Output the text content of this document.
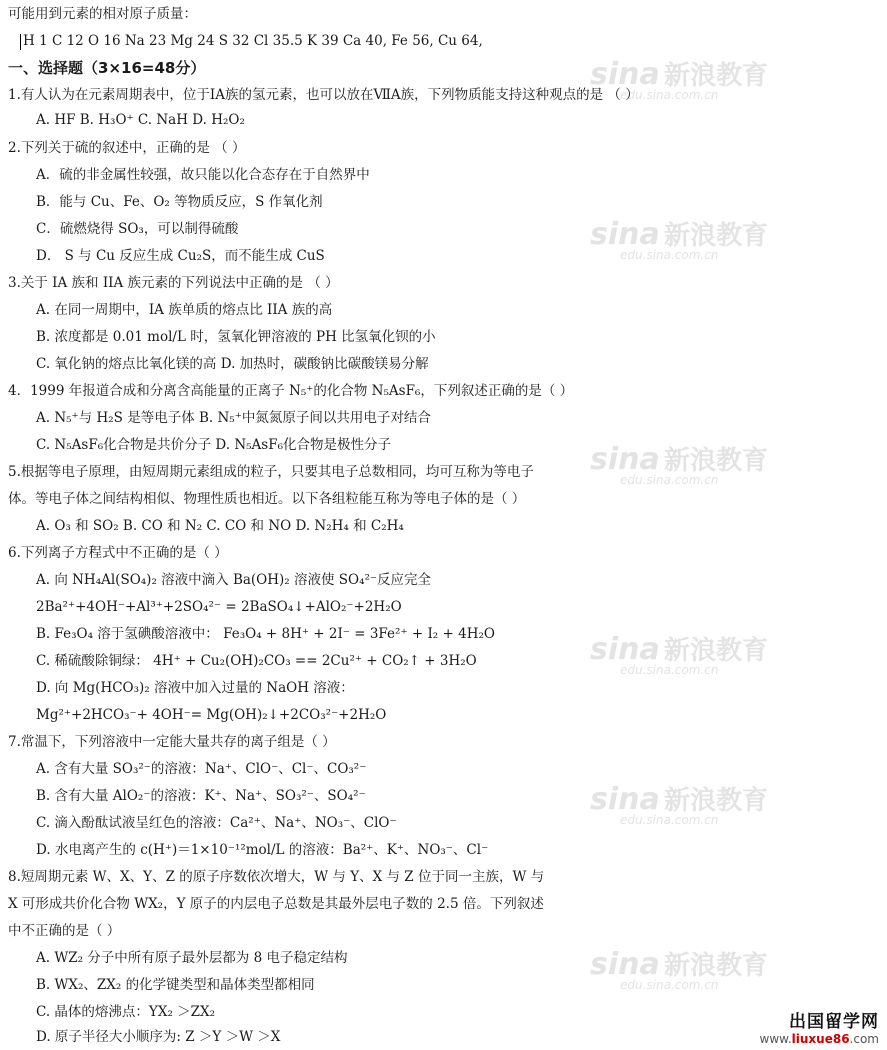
sina 新浪教育
edu.sina.com.cn
sina 新浪教育
edu.sina.com.cn
sina 新浪教育
edu.sina.com.cn
sina 新浪教育
edu.sina.com.cn
sina 新浪教育
edu.sina.com.cn
sina 新浪教育
edu.sina.com.cn
可能用到元素的相对原子质量：
H 1 C 12 O 16 Na 23 Mg 24 S 32 Cl 35.5 K 39 Ca 40, Fe 56, Cu 64,
一、选择题（3×16=48分）
1.有人认为在元素周期表中，位于ⅠA族的氢元素，也可以放在ⅦA族，下列物质能支持这种观点的是 （ ）
A. HF B. H₃O⁺ C. NaH D. H₂O₂
2.下列关于硫的叙述中，正确的是 （ ）
A．硫的非金属性较强，故只能以化合态存在于自然界中
B．能与 Cu、Fe、O₂ 等物质反应，S 作氧化剂
C．硫燃烧得 SO₃，可以制得硫酸
D． S 与 Cu 反应生成 Cu₂S，而不能生成 CuS
3.关于 IA 族和 IIA 族元素的下列说法中正确的是 （ ）
A. 在同一周期中，IA 族单质的熔点比 IIA 族的高
B. 浓度都是 0.01 mol/L 时，氢氧化钾溶液的 PH 比氢氧化钡的小
C. 氧化钠的熔点比氧化镁的高 D. 加热时，碳酸钠比碳酸镁易分解
4．1999 年报道合成和分离含高能量的正离子 N₅⁺的化合物 N₅AsF₆，下列叙述正确的是（ ）
A. N₅⁺与 H₂S 是等电子体 B. N₅⁺中氮氮原子间以共用电子对结合
C. N₅AsF₆化合物是共价分子 D. N₅AsF₆化合物是极性分子
5.根据等电子原理，由短周期元素组成的粒子，只要其电子总数相同，均可互称为等电子
体。等电子体之间结构相似、物理性质也相近。以下各组粒能互称为等电子体的是（ ）
A. O₃ 和 SO₂ B. CO 和 N₂ C. CO 和 NO D. N₂H₄ 和 C₂H₄
6.下列离子方程式中不正确的是（ ）
A. 向 NH₄Al(SO₄)₂ 溶液中滴入 Ba(OH)₂ 溶液使 SO₄²⁻反应完全
2Ba²⁺+4OH⁻+Al³⁺+2SO₄²⁻ = 2BaSO₄↓+AlO₂⁻+2H₂O
B. Fe₃O₄ 溶于氢碘酸溶液中： Fe₃O₄ + 8H⁺ + 2I⁻ = 3Fe²⁺ + I₂ + 4H₂O
C. 稀硫酸除铜绿： 4H⁺ + Cu₂(OH)₂CO₃ == 2Cu²⁺ + CO₂↑ + 3H₂O
D. 向 Mg(HCO₃)₂ 溶液中加入过量的 NaOH 溶液：
Mg²⁺+2HCO₃⁻+ 4OH⁻= Mg(OH)₂↓+2CO₃²⁻+2H₂O
7.常温下，下列溶液中一定能大量共存的离子组是（ ）
A. 含有大量 SO₃²⁻的溶液：Na⁺、ClO⁻、Cl⁻、CO₃²⁻
B. 含有大量 AlO₂⁻的溶液：K⁺、Na⁺、SO₃²⁻、SO₄²⁻
C. 滴入酚酞试液呈红色的溶液：Ca²⁺、Na⁺、NO₃⁻、ClO⁻
D. 水电离产生的 c(H⁺)＝1×10⁻¹²mol/L 的溶液：Ba²⁺、K⁺、NO₃⁻、Cl⁻
8.短周期元素 W、X、Y、Z 的原子序数依次增大，W 与 Y、X 与 Z 位于同一主族，W 与
X 可形成共价化合物 WX₂，Y 原子的内层电子总数是其最外层电子数的 2.5 倍。下列叙述
中不正确的是（ ）
A. WZ₂ 分子中所有原子最外层都为 8 电子稳定结构
B. WX₂、ZX₂ 的化学键类型和晶体类型都相同
C. 晶体的熔沸点：YX₂ ＞ZX₂
D. 原子半径大小顺序为: Z ＞Y ＞W ＞X
出国留学网
www.liuxue86.com
